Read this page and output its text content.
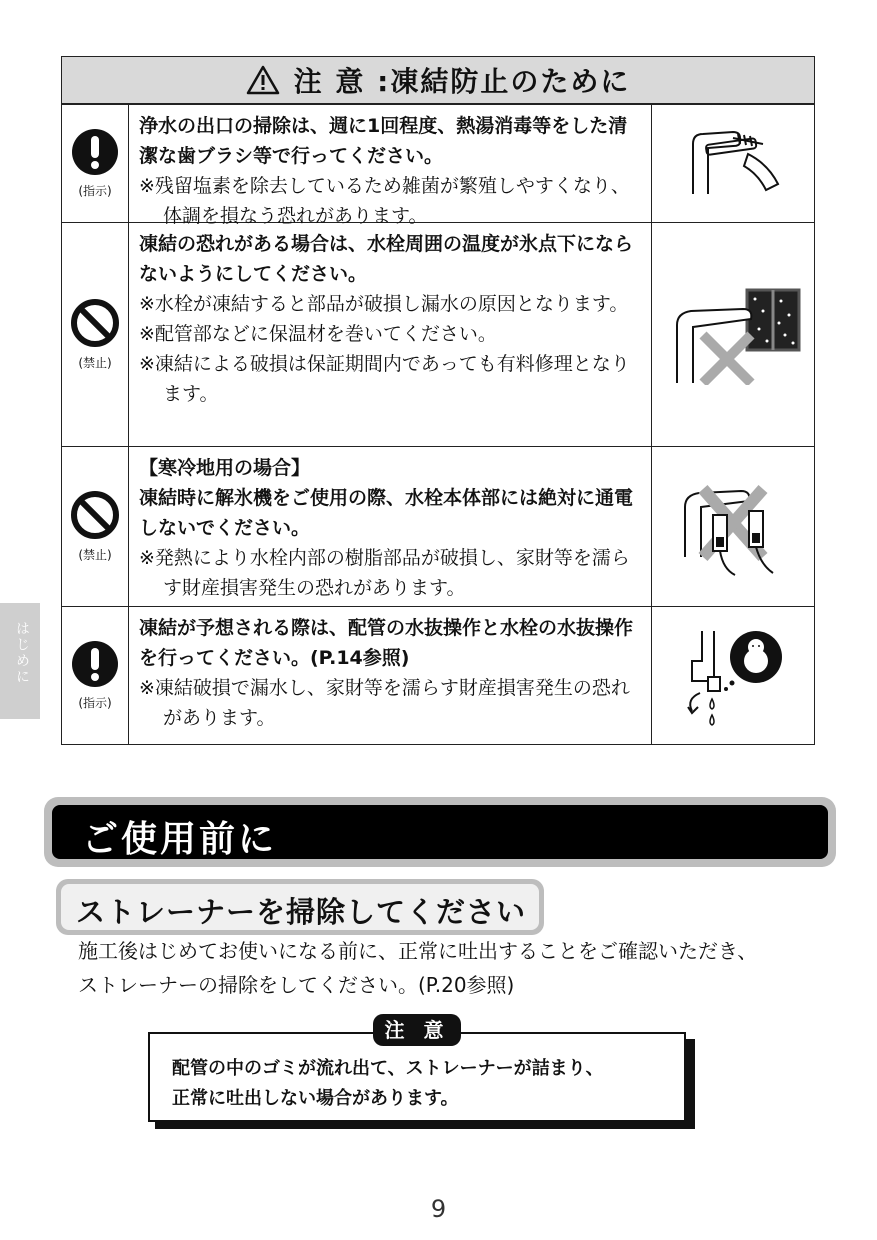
注 意 :凍結防止のために
(指示)
浄水の出口の掃除は、週に1回程度、熱湯消毒等をした清潔な歯ブラシ等で行ってください。
※残留塩素を除去しているため雑菌が繁殖しやすくなり、体調を損なう恐れがあります。
(禁止)
凍結の恐れがある場合は、水栓周囲の温度が氷点下にならないようにしてください。
※水栓が凍結すると部品が破損し漏水の原因となります。
※配管部などに保温材を巻いてください。
※凍結による破損は保証期間内であっても有料修理となります。
(禁止)
【寒冷地用の場合】
凍結時に解氷機をご使用の際、水栓本体部には絶対に通電しないでください。
※発熱により水栓内部の樹脂部品が破損し、家財等を濡らす財産損害発生の恐れがあります。
(指示)
凍結が予想される際は、配管の水抜操作と水栓の水抜操作を行ってください。(P.14参照)
※凍結破損で漏水し、家財等を濡らす財産損害発生の恐れがあります。
はじめに
ご使用前に
ストレーナーを掃除してください
施工後はじめてお使いになる前に、正常に吐出することをご確認いただき、
ストレーナーの掃除をしてください。(P.20参照)
配管の中のゴミが流れ出て、ストレーナーが詰まり、
正常に吐出しない場合があります。
注 意
9
